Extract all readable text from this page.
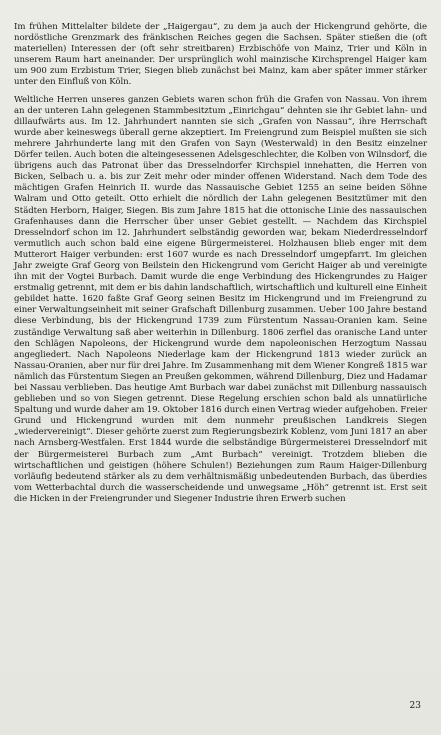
Im frühen Mittelalter bildete der „Haigergau“, zu dem ja auch der Hickengrund gehörte, die nordöstliche Grenzmark des fränkischen Reiches gegen die Sachsen. Später stießen die (oft materiellen) Interessen der (oft sehr streitbaren) Erzbischöfe von Mainz, Trier und Köln in unserem Raum hart aneinander. Der ursprünglich wohl mainzische Kirchsprengel Haiger kam um 900 zum Erzbistum Trier, Siegen blieb zunächst bei Mainz, kam aber später immer stärker unter den Einfluß von Köln.

Weltliche Herren unseres ganzen Gebiets waren schon früh die Grafen von Nassau. Von ihrem an der unteren Lahn gelegenen Stammbesitztum „Einrichgau“ dehnten sie ihr Gebiet lahn- und dillaufwärts aus. Im 12. Jahrhundert nannten sie sich „Grafen von Nassau“, ihre Herrschaft wurde aber keineswegs überall gerne akzeptiert. Im Freiengrund zum Beispiel mußten sie sich mehrere Jahrhunderte lang mit den Grafen von Sayn (Westerwald) in den Besitz einzelner Dörfer teilen. Auch boten die alteingesessenen Adelsgeschlechter, die Kolben von Wilnsdorf, die übrigens auch das Patronat über das Dresselndorfer Kirchspiel innehatten, die Herren von Bicken, Selbach u. a. bis zur Zeit mehr oder minder offenen Widerstand. Nach dem Tode des mächtigen Grafen Heinrich II. wurde das Nassauische Gebiet 1255 an seine beiden Söhne Walram und Otto geteilt. Otto erhielt die nördlich der Lahn gelegenen Besitztümer mit den Städten Herborn, Haiger, Siegen. Bis zum Jahre 1815 hat die ottonische Linie des nassauischen Grafenhauses dann die Herrscher über unser Gebiet gestellt. — Nachdem das Kirchspiel Dresselndorf schon im 12. Jahrhundert selbständig geworden war, bekam Niederdresselndorf vermutlich auch schon bald eine eigene Bürgermeisterei. Holzhausen blieb enger mit dem Mutterort Haiger verbunden: erst 1607 wurde es nach Dresselndorf umgepfarrt. Im gleichen Jahr zweigte Graf Georg von Beilstein den Hickengrund vom Gericht Haiger ab und vereinigte ihn mit der Vogtei Burbach. Damit wurde die enge Verbindung des Hickengrundes zu Haiger erstmalig getrennt, mit dem er bis dahin landschaftlich, wirtschaftlich und kulturell eine Einheit gebildet hatte. 1620 faßte Graf Georg seinen Besitz im Hickengrund und im Freiengrund zu einer Verwaltungseinheit mit seiner Grafschaft Dillenburg zusammen. Ueber 100 Jahre bestand diese Verbindung, bis der Hickengrund 1739 zum Fürstentum Nassau-Oranien kam. Seine zuständige Verwaltung saß aber weiterhin in Dillenburg. 1806 zerfiel das oranische Land unter den Schlägen Napoleons, der Hickengrund wurde dem napoleonischen Herzogtum Nassau angegliedert. Nach Napoleons Niederlage kam der Hickengrund 1813 wieder zurück an Nassau-Oranien, aber nur für drei Jahre. Im Zusammenhang mit dem Wiener Kongreß 1815 war nämlich das Fürstentum Siegen an Preußen gekommen, während Dillenburg, Diez und Hadamar bei Nassau verblieben. Das heutige Amt Burbach war dabei zunächst mit Dillenburg nassauisch geblieben und so von Siegen getrennt. Diese Regelung erschien schon bald als unnatürliche Spaltung und wurde daher am 19. Oktober 1816 durch einen Vertrag wieder aufgehoben. Freier Grund und Hickengrund wurden mit dem nunmehr preußischen Landkreis Siegen „wiedervereinigt“. Dieser gehörte zuerst zum Regierungsbezirk Koblenz, vom Juni 1817 an aber nach Arnsberg-Westfalen. Erst 1844 wurde die selbständige Bürgermeisterei Dresselndorf mit der Bürgermeisterei Burbach zum „Amt Burbach“ vereinigt. Trotzdem blieben die wirtschaftlichen und geistigen (höhere Schulen!) Beziehungen zum Raum Haiger-Dillenburg vorläufig bedeutend stärker als zu dem verhältnismäßig unbedeutenden Burbach, das überdies vom Wetterbachtal durch die wasserscheidende und unwegsame „Höh“ getrennt ist. Erst seit die Hicken in der Freiengrunder und Siegener Industrie ihren Erwerb suchen

23
